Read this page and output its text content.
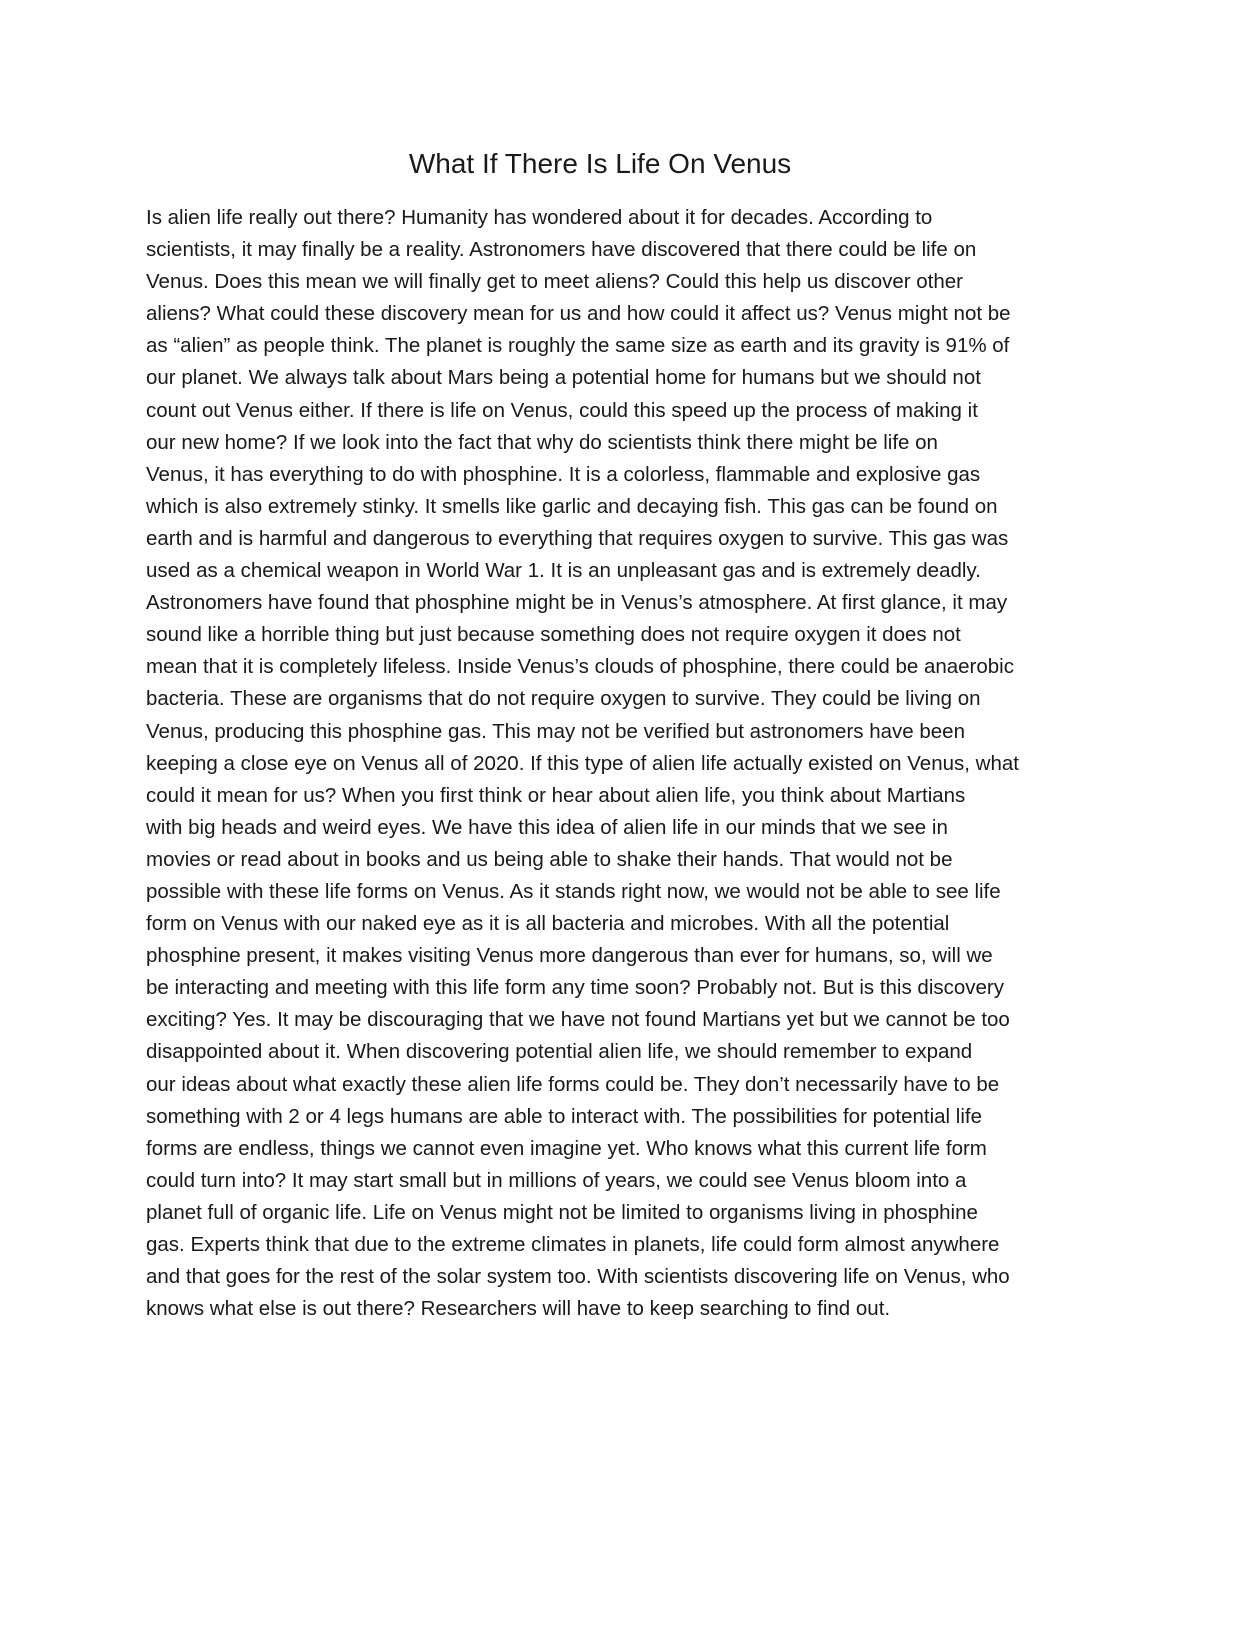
What If There Is Life On Venus
Is alien life really out there? Humanity has wondered about it for decades. According to
scientists, it may finally be a reality. Astronomers have discovered that there could be life on
Venus. Does this mean we will finally get to meet aliens? Could this help us discover other
aliens? What could these discovery mean for us and how could it affect us? Venus might not be
as “alien” as people think. The planet is roughly the same size as earth and its gravity is 91% of
our planet. We always talk about Mars being a potential home for humans but we should not
count out Venus either. If there is life on Venus, could this speed up the process of making it
our new home? If we look into the fact that why do scientists think there might be life on
Venus, it has everything to do with phosphine. It is a colorless, flammable and explosive gas
which is also extremely stinky. It smells like garlic and decaying fish. This gas can be found on
earth and is harmful and dangerous to everything that requires oxygen to survive. This gas was
used as a chemical weapon in World War 1. It is an unpleasant gas and is extremely deadly.
Astronomers have found that phosphine might be in Venus’s atmosphere. At first glance, it may
sound like a horrible thing but just because something does not require oxygen it does not
mean that it is completely lifeless. Inside Venus’s clouds of phosphine, there could be anaerobic
bacteria. These are organisms that do not require oxygen to survive. They could be living on
Venus, producing this phosphine gas. This may not be verified but astronomers have been
keeping a close eye on Venus all of 2020. If this type of alien life actually existed on Venus, what
could it mean for us? When you first think or hear about alien life, you think about Martians
with big heads and weird eyes. We have this idea of alien life in our minds that we see in
movies or read about in books and us being able to shake their hands. That would not be
possible with these life forms on Venus. As it stands right now, we would not be able to see life
form on Venus with our naked eye as it is all bacteria and microbes. With all the potential
phosphine present, it makes visiting Venus more dangerous than ever for humans, so, will we
be interacting and meeting with this life form any time soon? Probably not. But is this discovery
exciting? Yes. It may be discouraging that we have not found Martians yet but we cannot be too
disappointed about it. When discovering potential alien life, we should remember to expand
our ideas about what exactly these alien life forms could be. They don’t necessarily have to be
something with 2 or 4 legs humans are able to interact with. The possibilities for potential life
forms are endless, things we cannot even imagine yet. Who knows what this current life form
could turn into? It may start small but in millions of years, we could see Venus bloom into a
planet full of organic life. Life on Venus might not be limited to organisms living in phosphine
gas. Experts think that due to the extreme climates in planets, life could form almost anywhere
and that goes for the rest of the solar system too. With scientists discovering life on Venus, who
knows what else is out there? Researchers will have to keep searching to find out.
